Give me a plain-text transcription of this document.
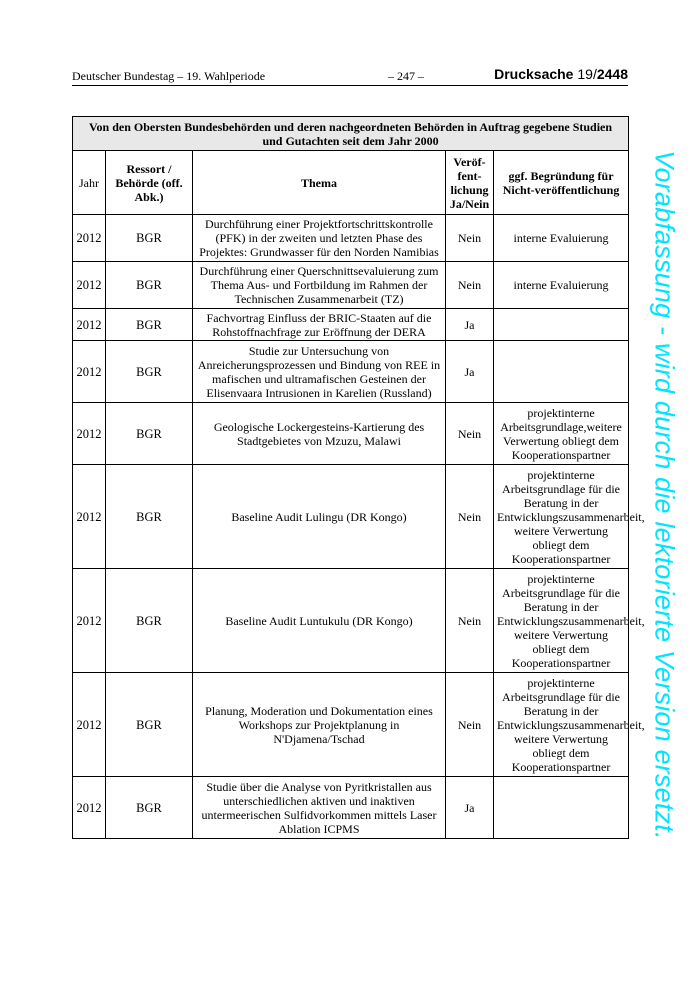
Deutscher Bundestag – 19. Wahlperiode	– 247 –	Drucksache 19/2448
Von den Obersten Bundesbehörden und deren nachgeordneten Behörden in Auftrag gegebene Studien und Gutachten seit dem Jahr 2000				
Jahr	Ressort / Behörde (off. Abk.)	Thema	Veröf-fent-lichung Ja/Nein	ggf. Begründung für Nicht-veröffentlichung
2012	BGR	Durchführung einer Projektfortschrittskontrolle (PFK) in der zweiten und letzten Phase des Projektes: Grundwasser für den Norden Namibias	Nein	interne Evaluierung
2012	BGR	Durchführung einer Querschnittsevaluierung zum Thema Aus- und Fortbildung im Rahmen der Technischen Zusammenarbeit (TZ)	Nein	interne Evaluierung
2012	BGR	Fachvortrag Einfluss der BRIC-Staaten auf die Rohstoffnachfrage zur Eröffnung der DERA	Ja	
2012	BGR	Studie zur Untersuchung von Anreicherungsprozessen und Bindung von REE in mafischen und ultramafischen Gesteinen der Elisenvaara Intrusionen in Karelien (Russland)	Ja	
2012	BGR	Geologische Lockergesteins-Kartierung des Stadtgebietes von Mzuzu, Malawi	Nein	projektinterne Arbeitsgrundlage,weitere Verwertung obliegt dem Kooperationspartner
2012	BGR	Baseline Audit Lulingu (DR Kongo)	Nein	projektinterne Arbeitsgrundlage für die Beratung in der Entwicklungszusammenarbeit, weitere Verwertung obliegt dem Kooperationspartner
2012	BGR	Baseline Audit Luntukulu (DR Kongo)	Nein	projektinterne Arbeitsgrundlage für die Beratung in der Entwicklungszusammenarbeit, weitere Verwertung obliegt dem Kooperationspartner
2012	BGR	Planung, Moderation und Dokumentation eines Workshops zur Projektplanung in N'Djamena/Tschad	Nein	projektinterne Arbeitsgrundlage für die Beratung in der Entwicklungszusammenarbeit, weitere Verwertung obliegt dem Kooperationspartner
2012	BGR	Studie über die Analyse von Pyritkristallen aus unterschiedlichen aktiven und inaktiven untermeerischen Sulfidvorkommen mittels Laser Ablation ICPMS	Ja		Vorabfassung - wird durch die lektorierte Version ersetzt.
